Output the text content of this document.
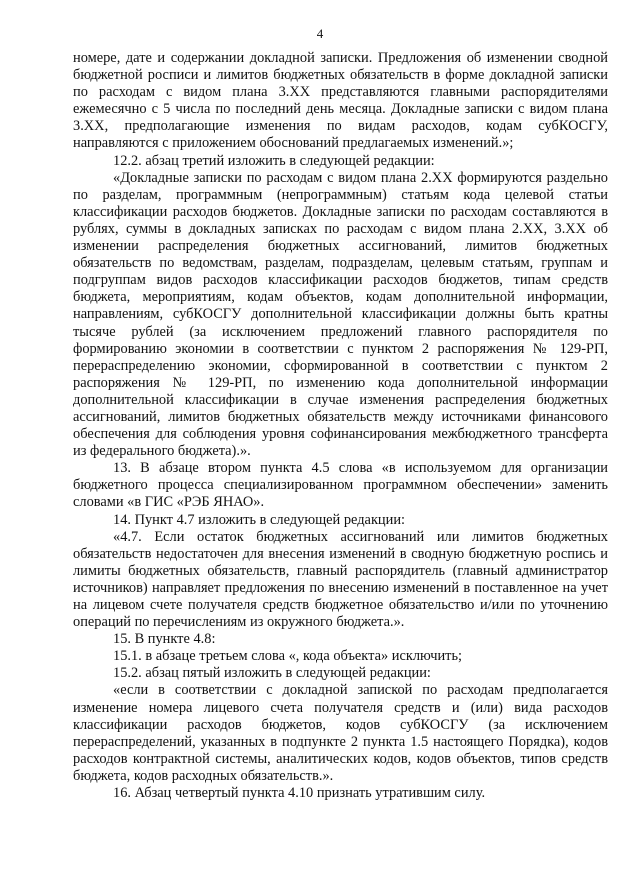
4

номере, дате и содержании докладной записки. Предложения об изменении сводной бюджетной росписи и лимитов бюджетных обязательств в форме докладной записки по расходам с видом плана 3.ХХ представляются главными распорядителями ежемесячно с 5 числа по последний день месяца. Докладные записки с видом плана 3.ХХ, предполагающие изменения по видам расходов, кодам субКОСГУ, направляются с приложением обоснований предлагаемых изменений.»;

12.2. абзац третий изложить в следующей редакции:

«Докладные записки по расходам с видом плана 2.ХХ формируются раздельно по разделам, программным (непрограммным) статьям кода целевой статьи классификации расходов бюджетов. Докладные записки по расходам составляются в рублях, суммы в докладных записках по расходам с видом плана 2.ХХ, 3.ХХ об изменении распределения бюджетных ассигнований, лимитов бюджетных обязательств по ведомствам, разделам, подразделам, целевым статьям, группам и подгруппам видов расходов классификации расходов бюджетов, типам средств бюджета, мероприятиям, кодам объектов, кодам дополнительной информации, направлениям, субКОСГУ дополнительной классификации должны быть кратны тысяче рублей (за исключением предложений главного распорядителя по формированию экономии в соответствии с пунктом 2 распоряжения № 129-РП, перераспределению экономии, сформированной в соответствии с пунктом 2 распоряжения № 129-РП, по изменению кода дополнительной информации дополнительной классификации в случае изменения распределения бюджетных ассигнований, лимитов бюджетных обязательств между источниками финансового обеспечения для соблюдения уровня софинансирования межбюджетного трансферта из федерального бюджета).».

13. В абзаце втором пункта 4.5 слова «в используемом для организации бюджетного процесса специализированном программном обеспечении» заменить словами «в ГИС «РЭБ ЯНАО».

14. Пункт 4.7 изложить в следующей редакции:

«4.7. Если остаток бюджетных ассигнований или лимитов бюджетных обязательств недостаточен для внесения изменений в сводную бюджетную роспись и лимиты бюджетных обязательств, главный распорядитель (главный администратор источников) направляет предложения по внесению изменений в поставленное на учет на лицевом счете получателя средств бюджетное обязательство и/или по уточнению операций по перечислениям из окружного бюджета.».

15. В пункте 4.8:

15.1. в абзаце третьем слова «, кода объекта» исключить;

15.2. абзац пятый изложить в следующей редакции:

«если в соответствии с докладной запиской по расходам предполагается изменение номера лицевого счета получателя средств и (или) вида расходов классификации расходов бюджетов, кодов субКОСГУ (за исключением перераспределений, указанных в подпункте 2 пункта 1.5 настоящего Порядка), кодов расходов контрактной системы, аналитических кодов, кодов объектов, типов средств бюджета, кодов расходных обязательств.».

16. Абзац четвертый пункта 4.10 признать утратившим силу.
